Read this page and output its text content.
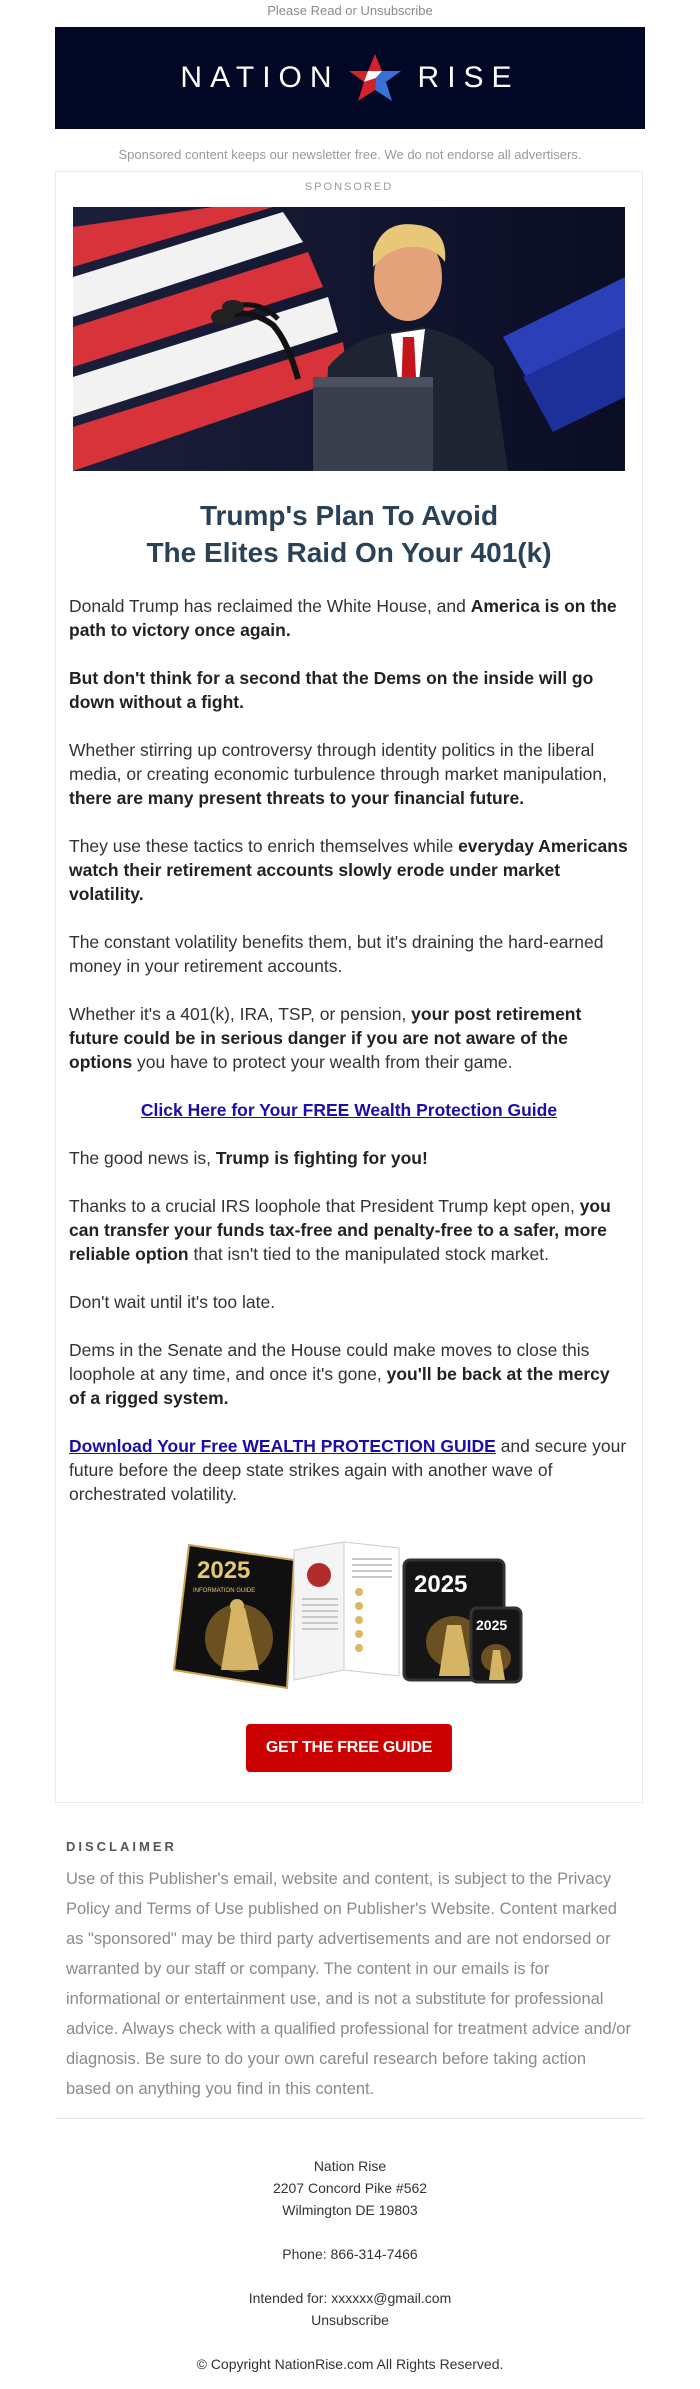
Please Read or Unsubscribe
NATION	RISE
Sponsored content keeps our newsletter free. We do not endorse all advertisers.
SPONSORED
Trump's Plan To Avoid
The Elites Raid On Your 401(k)

Donald Trump has reclaimed the White House, and America is on the path to victory once again.

But don't think for a second that the Dems on the inside will go down without a fight.

Whether stirring up controversy through identity politics in the liberal media, or creating economic turbulence through market manipulation, there are many present threats to your financial future.

They use these tactics to enrich themselves while everyday Americans watch their retirement accounts slowly erode under market volatility.

The constant volatility benefits them, but it's draining the hard-earned money in your retirement accounts.

Whether it's a 401(k), IRA, TSP, or pension, your post retirement future could be in serious danger if you are not aware of the options you have to protect your wealth from their game.

Click Here for Your FREE Wealth Protection Guide

The good news is, Trump is fighting for you!

Thanks to a crucial IRS loophole that President Trump kept open, you can transfer your funds tax-free and penalty-free to a safer, more reliable option that isn't tied to the manipulated stock market.

Don't wait until it's too late.

Dems in the Senate and the House could make moves to close this loophole at any time, and once it's gone, you'll be back at the mercy of a rigged system.

Download Your Free WEALTH PROTECTION GUIDE and secure your future before the deep state strikes again with another wave of orchestrated volatility.

2025
INFORMATION GUIDE	2025
2025
GET THE FREE GUIDE
DISCLAIMER
Use of this Publisher's email, website and content, is subject to the Privacy Policy and Terms of Use published on Publisher's Website. Content marked as "sponsored" may be third party advertisements and are not endorsed or warranted by our staff or company. The content in our emails is for informational or entertainment use, and is not a substitute for professional advice. Always check with a qualified professional for treatment advice and/or diagnosis. Be sure to do your own careful research before taking action based on anything you find in this content.
Nation Rise
2207 Concord Pike #562
Wilmington DE 19803
Phone: 866-314-7466
Intended for: xxxxxx@gmail.com
Unsubscribe
© Copyright NationRise.com All Rights Reserved.
